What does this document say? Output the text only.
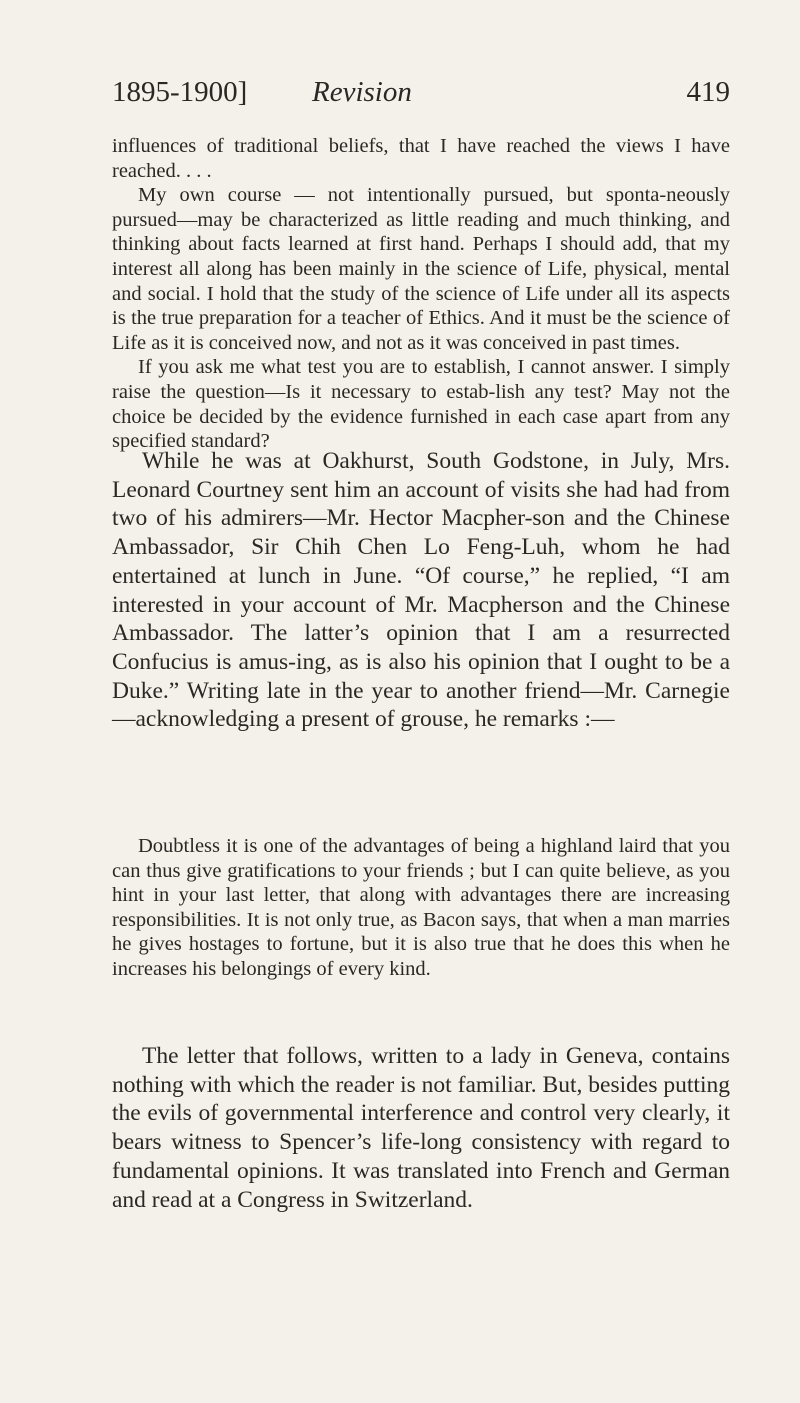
1895-1900] Revision	419

influences of traditional beliefs, that I have reached the views I have reached. . . .

My own course — not intentionally pursued, but sponta-neously pursued—may be characterized as little reading and much thinking, and thinking about facts learned at first hand. Perhaps I should add, that my interest all along has been mainly in the science of Life, physical, mental and social. I hold that the study of the science of Life under all its aspects is the true preparation for a teacher of Ethics. And it must be the science of Life as it is conceived now, and not as it was conceived in past times.

If you ask me what test you are to establish, I cannot answer. I simply raise the question—Is it necessary to estab-lish any test? May not the choice be decided by the evidence furnished in each case apart from any specified standard?

While he was at Oakhurst, South Godstone, in July, Mrs. Leonard Courtney sent him an account of visits she had had from two of his admirers—Mr. Hector Macpher-son and the Chinese Ambassador, Sir Chih Chen Lo Feng-Luh, whom he had entertained at lunch in June. “Of course,” he replied, “I am interested in your account of Mr. Macpherson and the Chinese Ambassador. The latter’s opinion that I am a resurrected Confucius is amus-ing, as is also his opinion that I ought to be a Duke.” Writing late in the year to another friend—Mr. Carnegie—acknowledging a present of grouse, he remarks :—

Doubtless it is one of the advantages of being a highland laird that you can thus give gratifications to your friends ; but I can quite believe, as you hint in your last letter, that along with advantages there are increasing responsibilities. It is not only true, as Bacon says, that when a man marries he gives hostages to fortune, but it is also true that he does this when he increases his belongings of every kind.

The letter that follows, written to a lady in Geneva, contains nothing with which the reader is not familiar. But, besides putting the evils of governmental interference and control very clearly, it bears witness to Spencer’s life-long consistency with regard to fundamental opinions. It was translated into French and German and read at a Congress in Switzerland.
